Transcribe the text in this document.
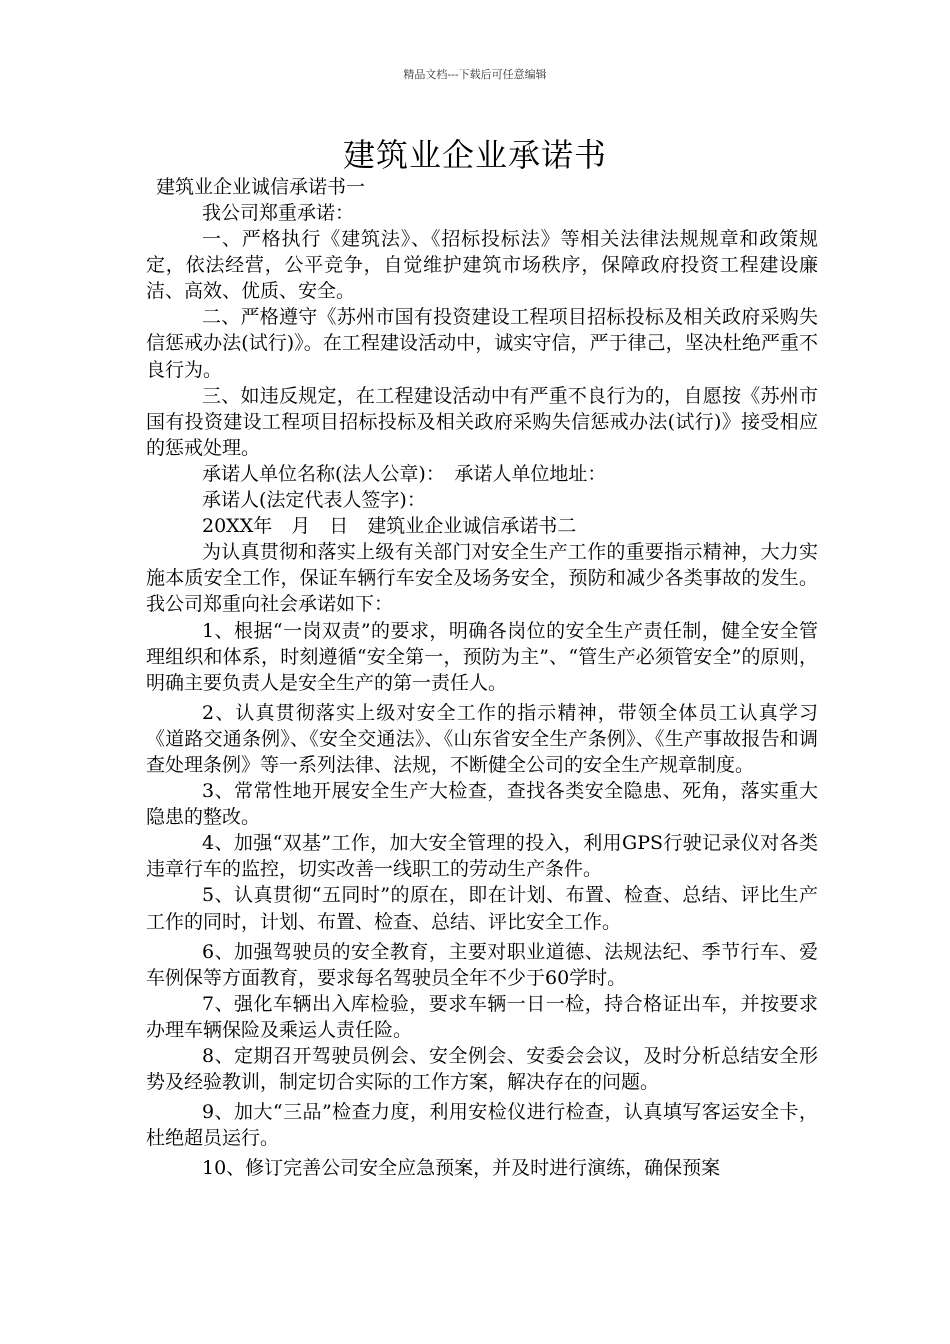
精品文档---下载后可任意编辑
建筑业企业承诺书
建筑业企业诚信承诺书一

我公司郑重承诺：

一、严格执行《建筑法》、《招标投标法》等相关法律法规规章和政策规定，依法经营，公平竞争，自觉维护建筑市场秩序，保障政府投资工程建设廉洁、高效、优质、安全。

二、严格遵守《苏州市国有投资建设工程项目招标投标及相关政府采购失信惩戒办法(试行)》。在工程建设活动中，诚实守信，严于律己，坚决杜绝严重不良行为。

三、如违反规定，在工程建设活动中有严重不良行为的，自愿按《苏州市国有投资建设工程项目招标投标及相关政府采购失信惩戒办法(试行)》接受相应的惩戒处理。

承诺人单位名称(法人公章)：　承诺人单位地址：

承诺人(法定代表人签字)：

20XX年　月　日　建筑业企业诚信承诺书二

为认真贯彻和落实上级有关部门对安全生产工作的重要指示精神，大力实施本质安全工作，保证车辆行车安全及场务安全，预防和减少各类事故的发生。我公司郑重向社会承诺如下：

1、根据“一岗双责”的要求，明确各岗位的安全生产责任制，健全安全管理组织和体系，时刻遵循“安全第一，预防为主”、“管生产必须管安全”的原则，明确主要负责人是安全生产的第一责任人。

2、认真贯彻落实上级对安全工作的指示精神，带领全体员工认真学习《道路交通条例》、《安全交通法》、《山东省安全生产条例》、《生产事故报告和调查处理条例》等一系列法律、法规，不断健全公司的安全生产规章制度。

3、常常性地开展安全生产大检查，查找各类安全隐患、死角，落实重大隐患的整改。

4、加强“双基”工作，加大安全管理的投入，利用GPS行驶记录仪对各类违章行车的监控，切实改善一线职工的劳动生产条件。

5、认真贯彻“五同时”的原在，即在计划、布置、检查、总结、评比生产工作的同时，计划、布置、检查、总结、评比安全工作。

6、加强驾驶员的安全教育，主要对职业道德、法规法纪、季节行车、爱车例保等方面教育，要求每名驾驶员全年不少于60学时。

7、强化车辆出入库检验，要求车辆一日一检，持合格证出车，并按要求办理车辆保险及乘运人责任险。

8、定期召开驾驶员例会、安全例会、安委会会议，及时分析总结安全形势及经验教训，制定切合实际的工作方案，解决存在的问题。

9、加大“三品”检查力度，利用安检仪进行检查，认真填写客运安全卡，杜绝超员运行。

10、修订完善公司安全应急预案，并及时进行演练，确保预案
